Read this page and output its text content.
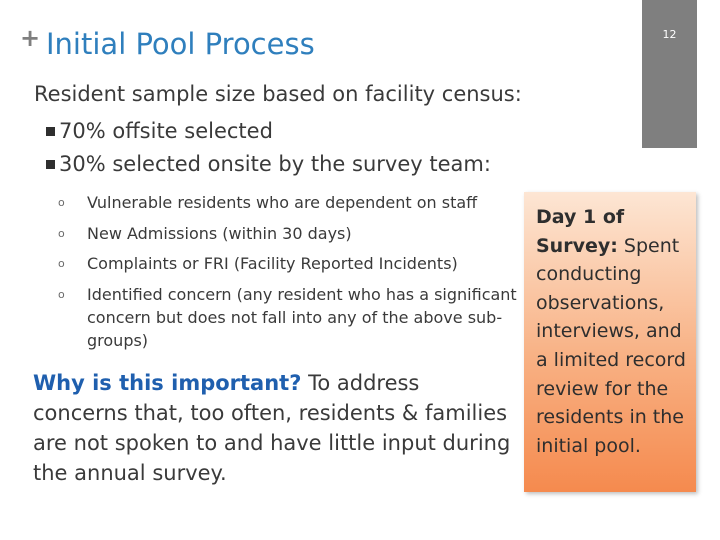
+ Initial Pool Process	12
Resident sample size based on facility census:
70% offsite selected
30% selected onsite by the survey team:
o	Vulnerable residents who are dependent on staff
o	New Admissions (within 30 days)
o	Complaints or FRI (Facility Reported Incidents)
o	Identified concern (any resident who has a significant concern but does not fall into any of the above sub-groups)
Why is this important? To address concerns that, too often, residents & families are not spoken to and have little input during the annual survey.
Day 1 of Survey: Spent conducting observations, interviews, and a limited record review for the residents in the initial pool.
